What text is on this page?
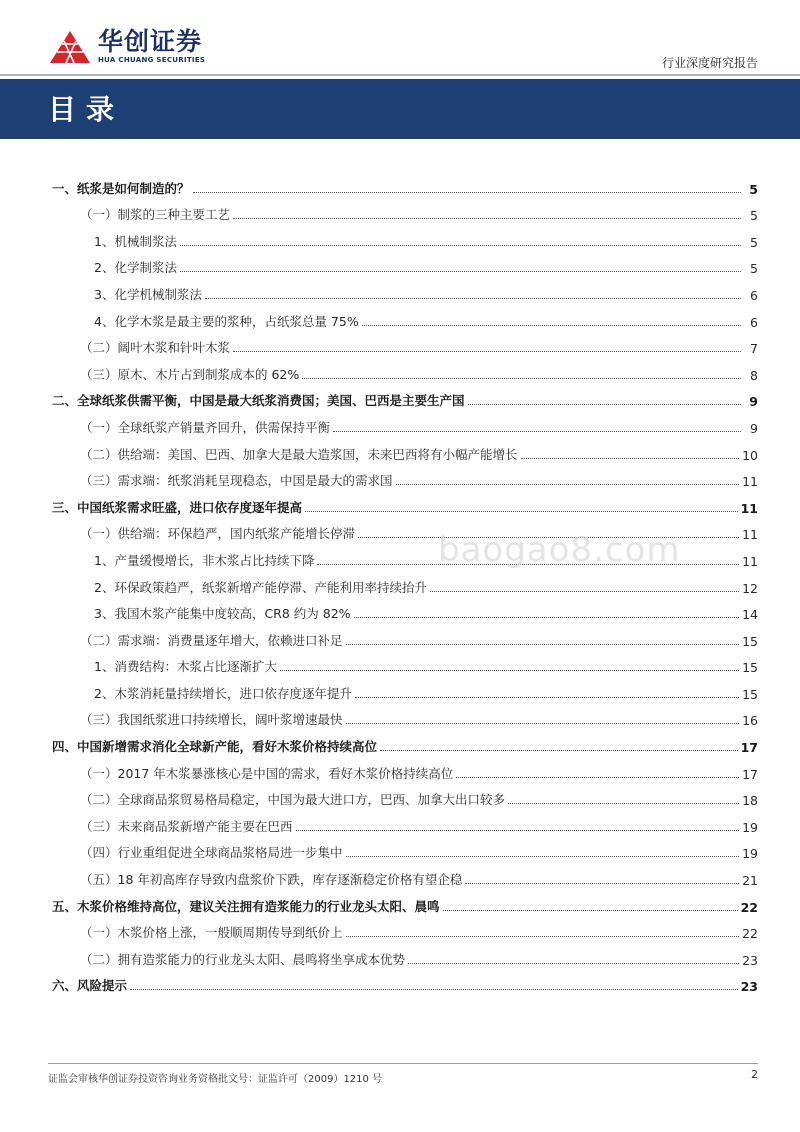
华创证券
HUA CHUANG SECURITIES	行业深度研究报告
目录
一、纸浆是如何制造的？	5
（一）制浆的三种主要工艺	5
1、机械制浆法	5
2、化学制浆法	5
3、化学机械制浆法	6
4、化学木浆是最主要的浆种，占纸浆总量 75%	6
（二）阔叶木浆和针叶木浆	7
（三）原木、木片占到制浆成本的 62%	8
二、全球纸浆供需平衡，中国是最大纸浆消费国；美国、巴西是主要生产国	9
（一）全球纸浆产销量齐回升，供需保持平衡	9
（二）供给端：美国、巴西、加拿大是最大造浆国，未来巴西将有小幅产能增长	10
（三）需求端：纸浆消耗呈现稳态，中国是最大的需求国	11
三、中国纸浆需求旺盛，进口依存度逐年提高	11
（一）供给端：环保趋严，国内纸浆产能增长停滞	11
1、产量缓慢增长，非木浆占比持续下降	11
2、环保政策趋严，纸浆新增产能停滞、产能利用率持续抬升	12
3、我国木浆产能集中度较高，CR8 约为 82%	14
（二）需求端：消费量逐年增大，依赖进口补足	15
1、消费结构：木浆占比逐渐扩大	15
2、木浆消耗量持续增长，进口依存度逐年提升	15
（三）我国纸浆进口持续增长，阔叶浆增速最快	16
四、中国新增需求消化全球新产能，看好木浆价格持续高位	17
（一）2017 年木浆暴涨核心是中国的需求，看好木浆价格持续高位	17
（二）全球商品浆贸易格局稳定，中国为最大进口方，巴西、加拿大出口较多	18
（三）未来商品浆新增产能主要在巴西	19
（四）行业重组促进全球商品浆格局进一步集中	19
（五）18 年初高库存导致内盘浆价下跌，库存逐渐稳定价格有望企稳	21
五、木浆价格维持高位，建议关注拥有造浆能力的行业龙头太阳、晨鸣	22
（一）木浆价格上涨，一般顺周期传导到纸价上	22
（二）拥有造浆能力的行业龙头太阳、晨鸣将坐享成本优势	23
六、风险提示	23
baogao8.com
证监会审核华创证券投资咨询业务资格批文号：证监许可（2009）1210 号	2
